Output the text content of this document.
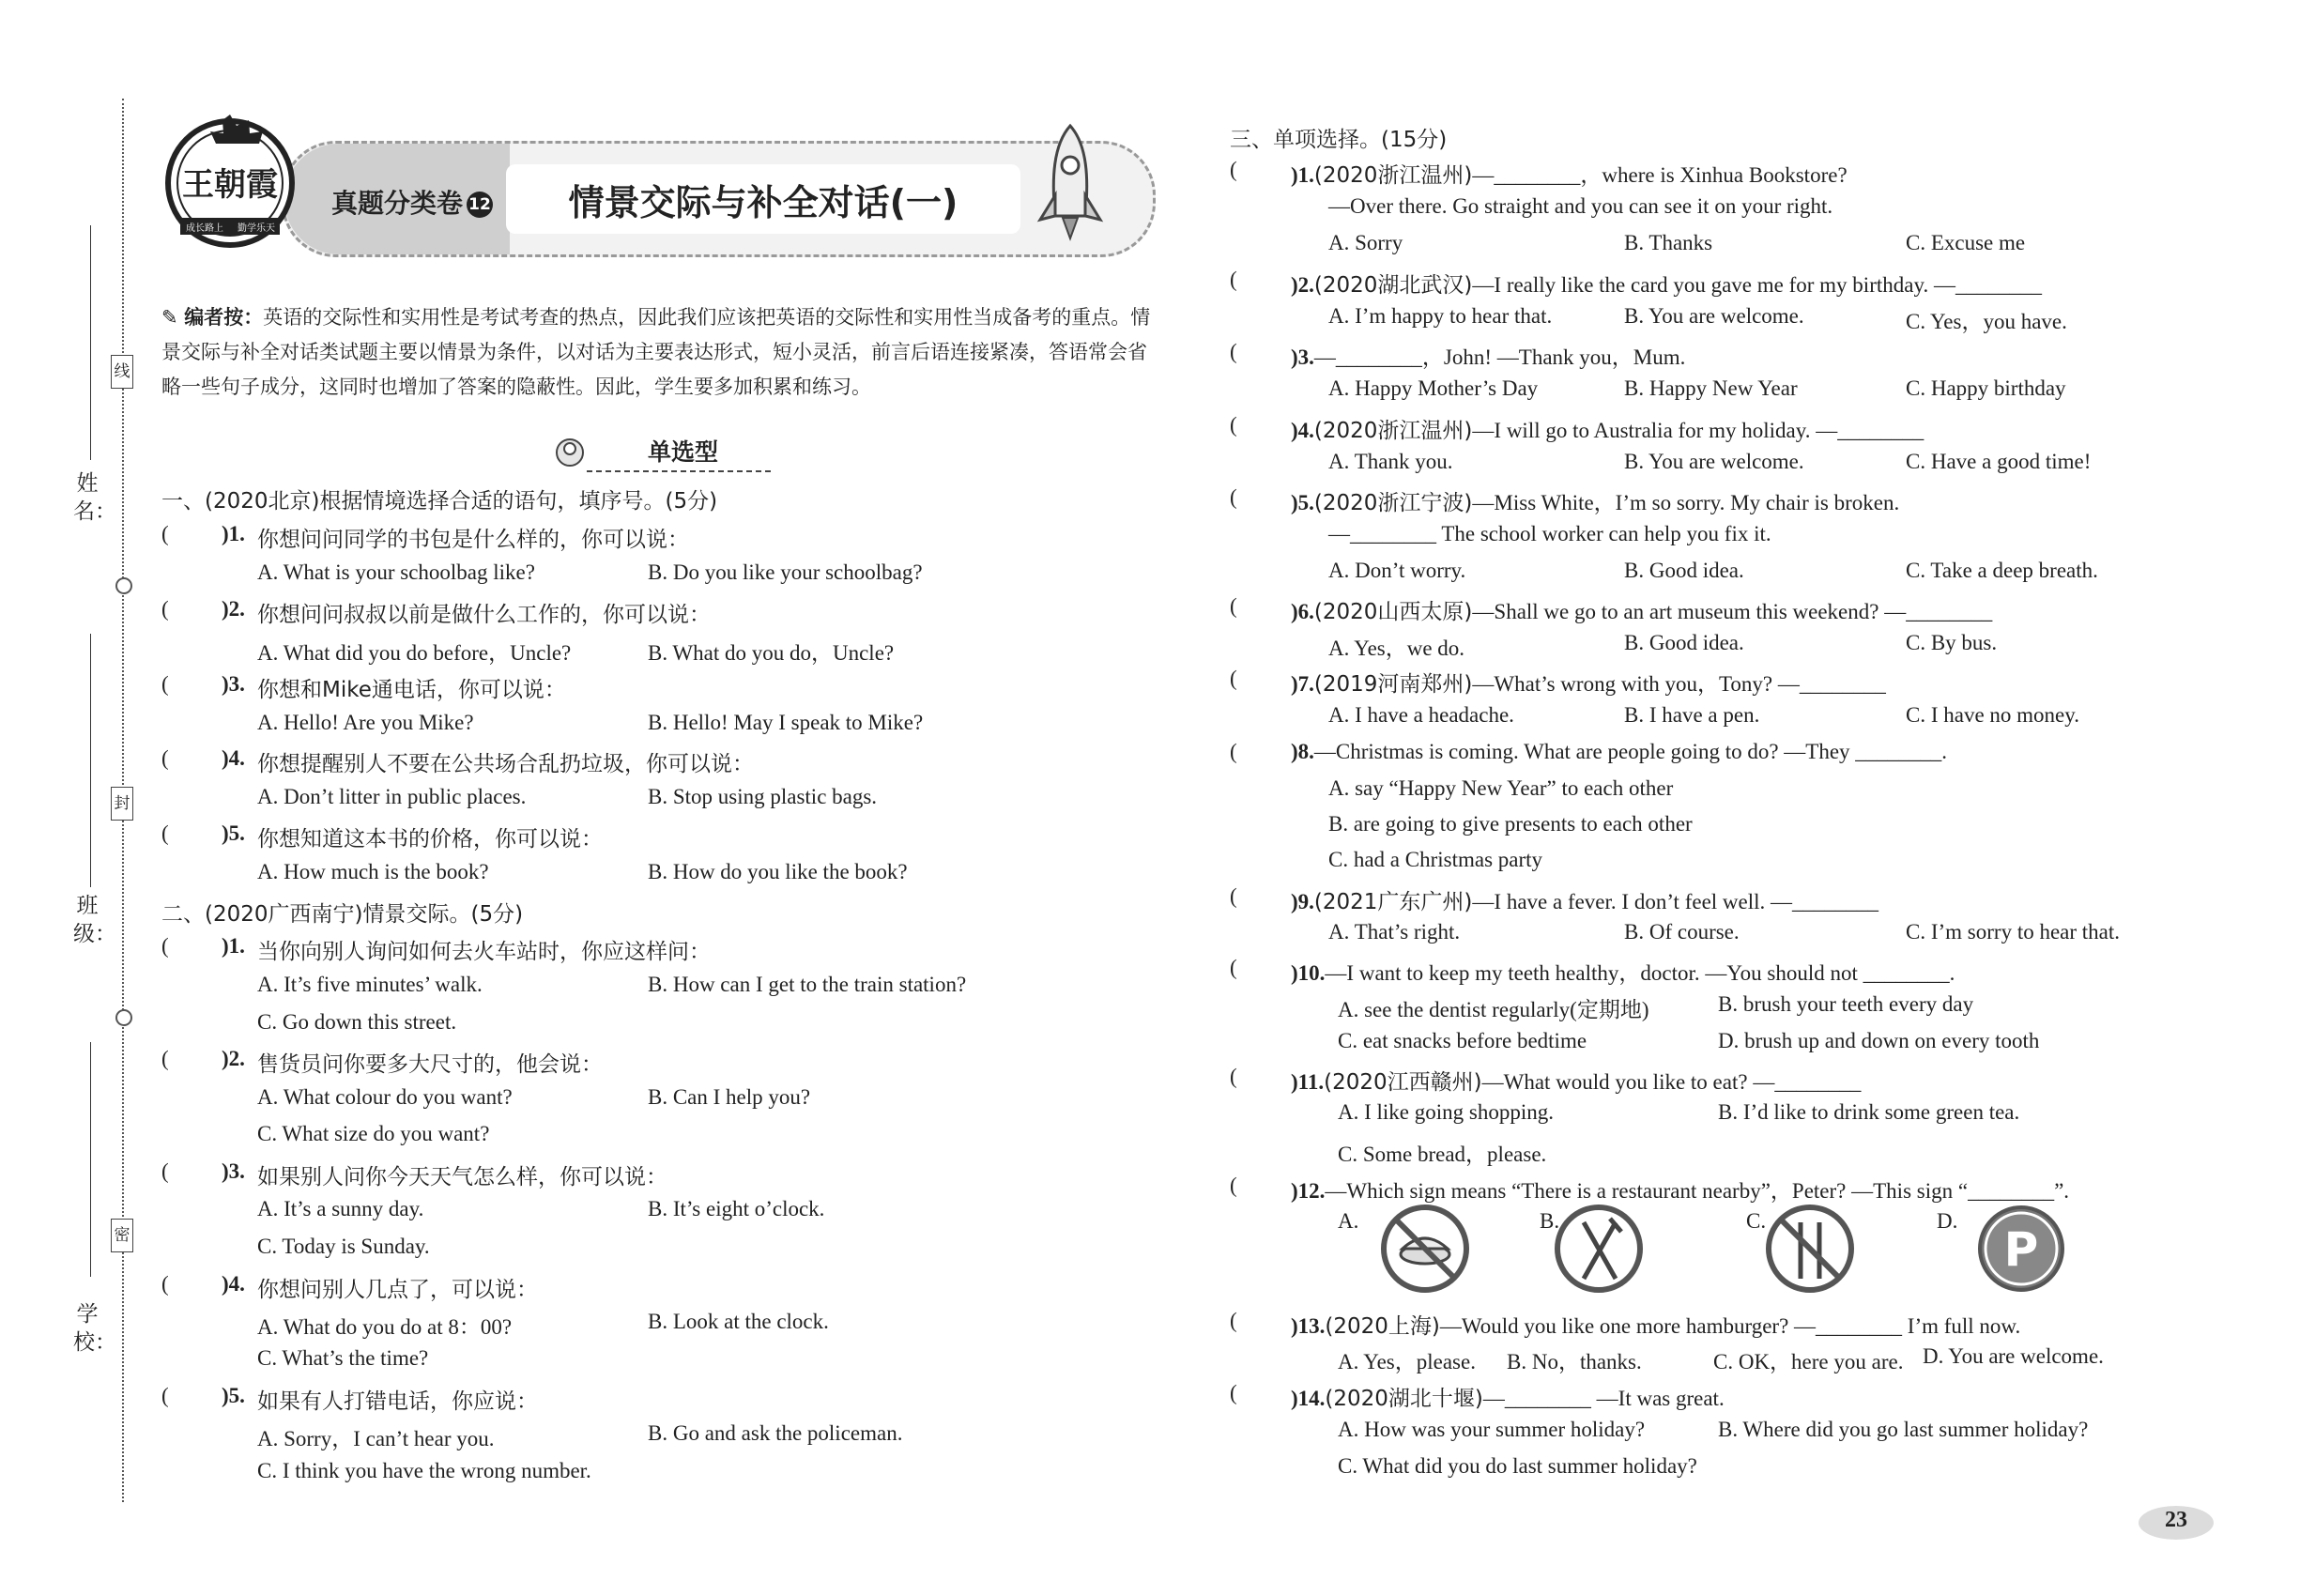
姓　名：
班　级：
学　校：
线
封
密
真题分类卷 12	情景交际与补全对话(一)
王朝霞
成长路上 勤学乐天
✎ 编者按：英语的交际性和实用性是考试考查的热点，因此我们应该把英语的交际性和实用性当成备考的重点。情景交际与补全对话类试题主要以情景为条件，以对话为主要表达形式，短小灵活，前言后语连接紧凑，答语常会省略一些句子成分，这同时也增加了答案的隐蔽性。因此，学生要多加积累和练习。
单选型
一、(2020北京)根据情境选择合适的语句，填序号。(5分)
( )1. 你想问问同学的书包是什么样的，你可以说：
A. What is your schoolbag like?	B. Do you like your schoolbag?
( )2. 你想问问叔叔以前是做什么工作的，你可以说：
A. What did you do before，Uncle?	B. What do you do，Uncle?
( )3. 你想和Mike通电话，你可以说：
A. Hello! Are you Mike?	B. Hello! May I speak to Mike?
( )4. 你想提醒别人不要在公共场合乱扔垃圾，你可以说：
A. Don’t litter in public places.	B. Stop using plastic bags.
( )5. 你想知道这本书的价格，你可以说：
A. How much is the book?	B. How do you like the book?
二、(2020广西南宁)情景交际。(5分)
( )1. 当你向别人询问如何去火车站时，你应这样问：
A. It’s five minutes’ walk.	B. How can I get to the train station?
C. Go down this street.
( )2. 售货员问你要多大尺寸的，他会说：
A. What colour do you want?	B. Can I help you?
C. What size do you want?
( )3. 如果别人问你今天天气怎么样，你可以说：
A. It’s a sunny day.	B. It’s eight o’clock.
C. Today is Sunday.
( )4. 你想问别人几点了，可以说：
A. What do you do at 8：00?	B. Look at the clock.
C. What’s the time?
( )5. 如果有人打错电话，你应说：
A. Sorry，I can’t hear you.	B. Go and ask the policeman.
C. I think you have the wrong number.
三、单项选择。(15分)
( )1.(2020浙江温州)—________，where is Xinhua Bookstore?
—Over there. Go straight and you can see it on your right.
A. Sorry	B. Thanks	C. Excuse me
( )2.(2020湖北武汉)—I really like the card you gave me for my birthday. —________
A. I’m happy to hear that.	B. You are welcome.	C. Yes，you have.
( )3.—________，John! —Thank you，Mum.
A. Happy Mother’s Day	B. Happy New Year	C. Happy birthday
( )4.(2020浙江温州)—I will go to Australia for my holiday. —________
A. Thank you.	B. You are welcome.	C. Have a good time!
( )5.(2020浙江宁波)—Miss White，I’m so sorry. My chair is broken.
—________ The school worker can help you fix it.
A. Don’t worry.	B. Good idea.	C. Take a deep breath.
( )6.(2020山西太原)—Shall we go to an art museum this weekend? —________
A. Yes，we do.	B. Good idea.	C. By bus.
( )7.(2019河南郑州)—What’s wrong with you，Tony? —________
A. I have a headache.	B. I have a pen.	C. I have no money.
( )8.—Christmas is coming. What are people going to do? —They ________.
A. say “Happy New Year” to each other
B. are going to give presents to each other
C. had a Christmas party
( )9.(2021广东广州)—I have a fever. I don’t feel well. —________
A. That’s right.	B. Of course.	C. I’m sorry to hear that.
( )10.—I want to keep my teeth healthy，doctor. —You should not ________.
A. see the dentist regularly(定期地)	B. brush your teeth every day
C. eat snacks before bedtime	D. brush up and down on every tooth
( )11.(2020江西赣州)—What would you like to eat? —________
A. I like going shopping.	B. I’d like to drink some green tea.
C. Some bread，please.
( )12.—Which sign means “There is a restaurant nearby”，Peter? —This sign “________”.
A.	B.	C.	D.
P
( )13.(2020上海)—Would you like one more hamburger? —________ I’m full now.
A. Yes，please. B. No，thanks.	C. OK，here you are. D. You are welcome.
( )14.(2020湖北十堰)—________ —It was great.
A. How was your summer holiday?	B. Where did you go last summer holiday?
C. What did you do last summer holiday?
23
